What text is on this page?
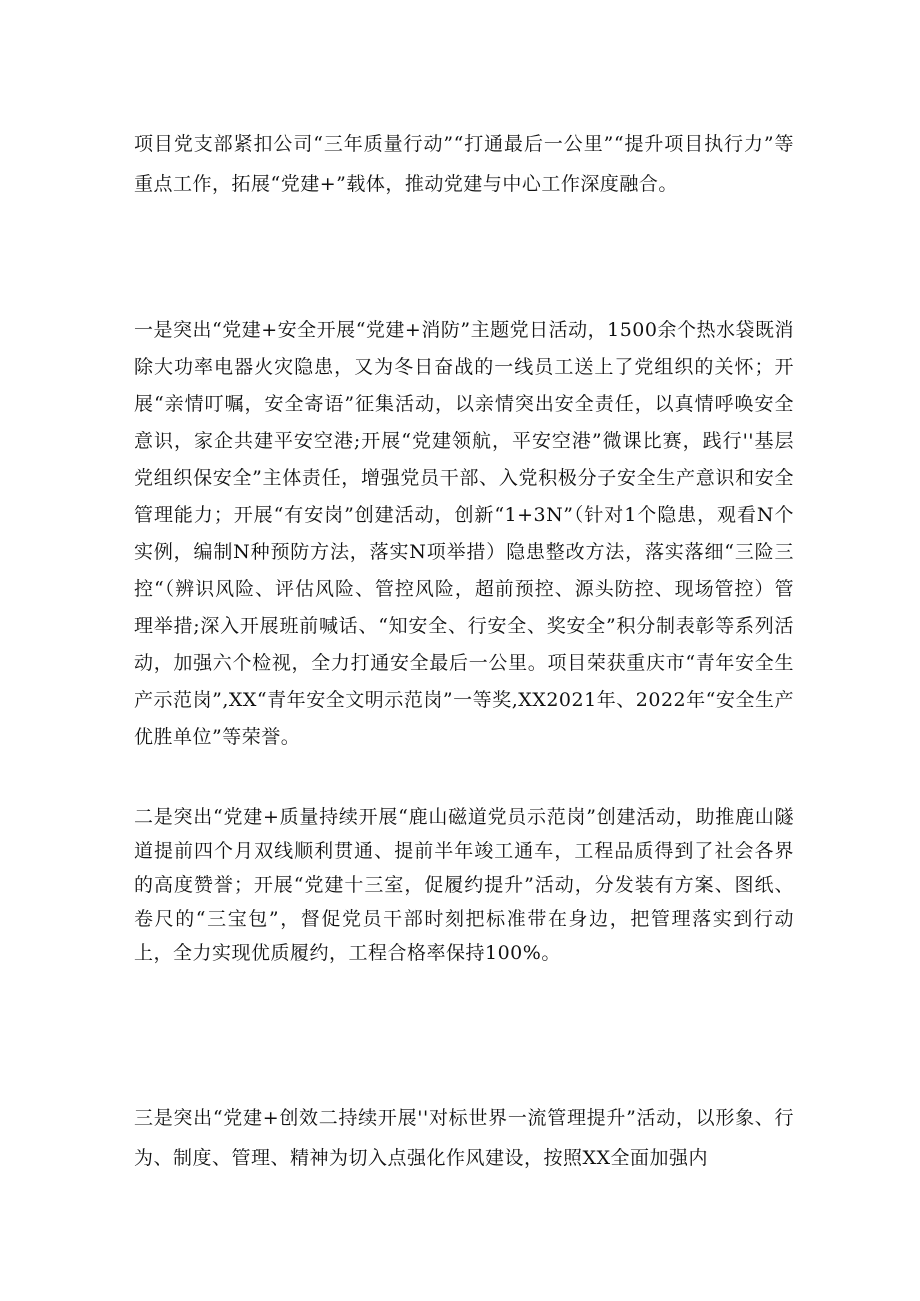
项目党支部紧扣公司“三年质量行动”“打通最后一公里”“提升项目执行力”等重点工作，拓展“党建+”载体，推动党建与中心工作深度融合。

一是突出“党建+安全开展“党建+消防”主题党日活动，1500余个热水袋既消除大功率电器火灾隐患，又为冬日奋战的一线员工送上了党组织的关怀；开展“亲情叮嘱，安全寄语”征集活动，以亲情突出安全责任，以真情呼唤安全意识，家企共建平安空港;开展“党建领航，平安空港”微课比赛，践行''基层党组织保安全”主体责任，增强党员干部、入党积极分子安全生产意识和安全管理能力；开展“有安岗”创建活动，创新“1+3N”（针对1个隐患，观看N个实例，编制N种预防方法，落实N项举措）隐患整改方法，落实落细“三险三控“（辨识风险、评估风险、管控风险，超前预控、源头防控、现场管控）管理举措;深入开展班前喊话、“知安全、行安全、奖安全”积分制表彰等系列活动，加强六个检视，全力打通安全最后一公里。项目荣获重庆市“青年安全生产示范岗”,XX“青年安全文明示范岗”一等奖,XX2021年、2022年“安全生产优胜单位”等荣誉。

二是突出“党建+质量持续开展“鹿山磁道党员示范岗”创建活动，助推鹿山隧道提前四个月双线顺利贯通、提前半年竣工通车，工程品质得到了社会各界的高度赞誉；开展“党建十三室，促履约提升”活动，分发装有方案、图纸、卷尺的“三宝包”，督促党员干部时刻把标准带在身边，把管理落实到行动上，全力实现优质履约，工程合格率保持100%。

三是突出“党建+创效二持续开展''对标世界一流管理提升”活动，以形象、行为、制度、管理、精神为切入点强化作风建设，按照XX全面加强内
